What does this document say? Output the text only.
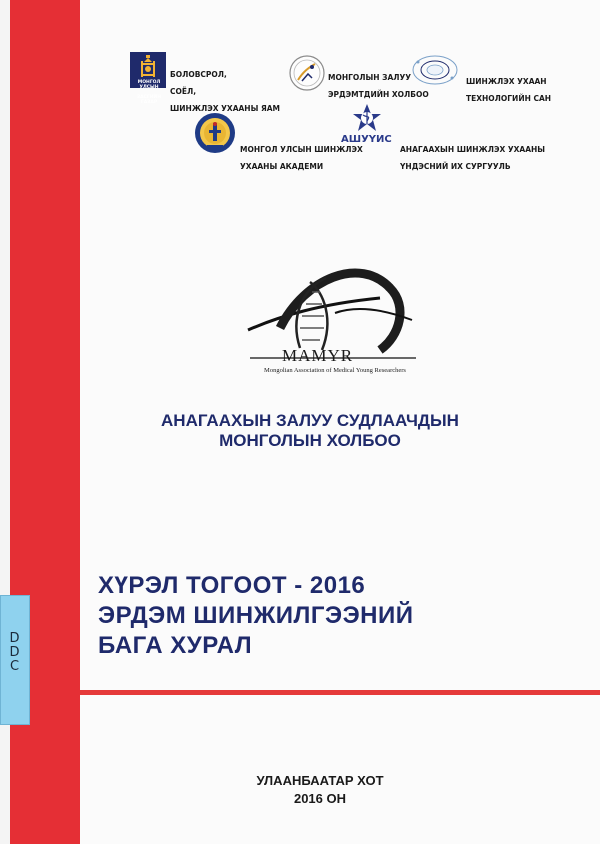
D
D
C

МОНГОЛ УЛСЫН

ЗАСГИЙН ГАЗАР

БОЛОВСРОЛ,

СОЁЛ,

ШИНЖЛЭХ УХААНЫ ЯАМ

МОНГОЛЫН ЗАЛУУ

ЭРДЭМТДИЙН ХОЛБОО

ШИНЖЛЭХ УХААН

ТЕХНОЛОГИЙН САН

МОНГОЛ УЛСЫН ШИНЖЛЭХ

УХААНЫ АКАДЕМИ

АШУҮИС

АНАГААХЫН ШИНЖЛЭХ УХААНЫ

ҮНДЭСНИЙ ИХ СУРГУУЛЬ

MAMYR
Mongolian Association of Medical Young Researchers
АНАГААХЫН ЗАЛУУ СУДЛААЧДЫН
МОНГОЛЫН ХОЛБОО
ХҮРЭЛ ТОГООТ - 2016
ЭРДЭМ ШИНЖИЛГЭЭНИЙ
БАГА ХУРАЛ
УЛААНБААТАР ХОТ
2016 ОН
